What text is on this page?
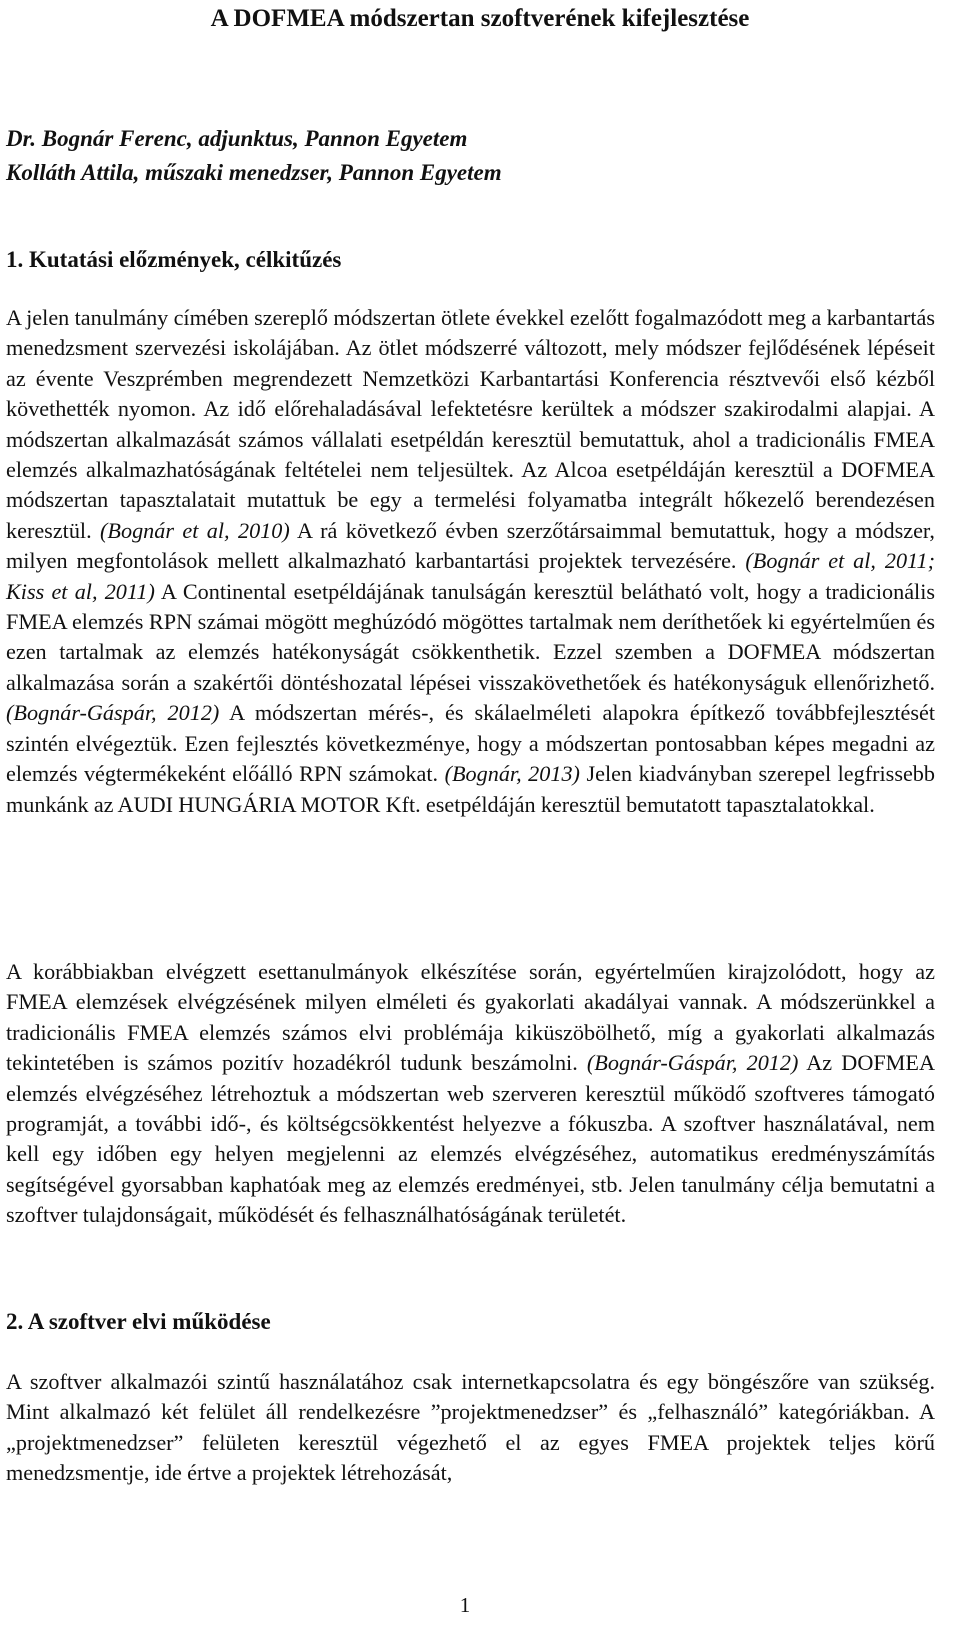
A DOFMEA módszertan szoftverének kifejlesztése
Dr. Bognár Ferenc, adjunktus, Pannon Egyetem
Kolláth Attila, műszaki menedzser, Pannon Egyetem
1. Kutatási előzmények, célkitűzés

A jelen tanulmány címében szereplő módszertan ötlete évekkel ezelőtt fogalmazódott meg a karbantartás menedzsment szervezési iskolájában. Az ötlet módszerré változott, mely módszer fejlődésének lépéseit az évente Veszprémben megrendezett Nemzetközi Karbantartási Konferencia résztvevői első kézből követhették nyomon. Az idő előrehaladásával lefektetésre kerültek a módszer szakirodalmi alapjai. A módszertan alkalmazását számos vállalati esetpéldán keresztül bemutattuk, ahol a tradicionális FMEA elemzés alkalmazhatóságának feltételei nem teljesültek. Az Alcoa esetpéldáján keresztül a DOFMEA módszertan tapasztalatait mutattuk be egy a termelési folyamatba integrált hőkezelő berendezésen keresztül. (Bognár et al, 2010) A rá következő évben szerzőtársaimmal bemutattuk, hogy a módszer, milyen megfontolások mellett alkalmazható karbantartási projektek tervezésére. (Bognár et al, 2011; Kiss et al, 2011) A Continental esetpéldájának tanulságán keresztül belátható volt, hogy a tradicionális FMEA elemzés RPN számai mögött meghúzódó mögöttes tartalmak nem deríthetőek ki egyértelműen és ezen tartalmak az elemzés hatékonyságát csökkenthetik. Ezzel szemben a DOFMEA módszertan alkalmazása során a szakértői döntéshozatal lépései visszakövethetőek és hatékonyságuk ellenőrizhető. (Bognár-Gáspár, 2012) A módszertan mérés-, és skálaelméleti alapokra építkező továbbfejlesztését szintén elvégeztük. Ezen fejlesztés következménye, hogy a módszertan pontosabban képes megadni az elemzés végtermékeként előálló RPN számokat. (Bognár, 2013) Jelen kiadványban szerepel legfrissebb munkánk az AUDI HUNGÁRIA MOTOR Kft. esetpéldáján keresztül bemutatott tapasztalatokkal.

A korábbiakban elvégzett esettanulmányok elkészítése során, egyértelműen kirajzolódott, hogy az FMEA elemzések elvégzésének milyen elméleti és gyakorlati akadályai vannak. A módszerünkkel a tradicionális FMEA elemzés számos elvi problémája kiküszöbölhető, míg a gyakorlati alkalmazás tekintetében is számos pozitív hozadékról tudunk beszámolni. (Bognár-Gáspár, 2012) Az DOFMEA elemzés elvégzéséhez létrehoztuk a módszertan web szerveren keresztül működő szoftveres támogató programját, a további idő-, és költségcsökkentést helyezve a fókuszba. A szoftver használatával, nem kell egy időben egy helyen megjelenni az elemzés elvégzéséhez, automatikus eredményszámítás segítségével gyorsabban kaphatóak meg az elemzés eredményei, stb. Jelen tanulmány célja bemutatni a szoftver tulajdonságait, működését és felhasználhatóságának területét.

2. A szoftver elvi működése

A szoftver alkalmazói szintű használatához csak internetkapcsolatra és egy böngészőre van szükség. Mint alkalmazó két felület áll rendelkezésre ”projektmenedzser” és „felhasználó” kategóriákban. A „projektmenedzser” felületen keresztül végezhető el az egyes FMEA projektek teljes körű menedzsmentje, ide értve a projektek létrehozását,

1
